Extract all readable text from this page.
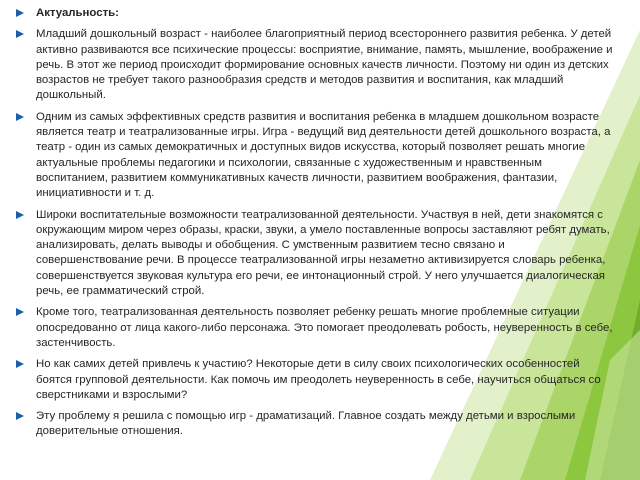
Актуальность:
Младший дошкольный возраст - наиболее благоприятный период всестороннего развития ребенка. У детей активно развиваются все психические процессы: восприятие, внимание, память, мышление, воображение и речь. В этот же период происходит формирование основных качеств личности. Поэтому ни один из детских возрастов не требует такого разнообразия средств и методов развития и воспитания, как младший дошкольный.
Одним из самых эффективных средств развития и воспитания ребенка в младшем дошкольном возрасте является театр и театрализованные игры. Игра - ведущий вид деятельности детей дошкольного возраста, а театр - один из самых демократичных и доступных видов искусства, который позволяет решать многие актуальные проблемы педагогики и психологии, связанные с художественным и нравственным воспитанием, развитием коммуникативных качеств личности, развитием воображения, фантазии, инициативности и т. д.
Широки воспитательные возможности театрализованной деятельности. Участвуя в ней, дети знакомятся с окружающим миром через образы, краски, звуки, а умело поставленные вопросы заставляют ребят думать, анализировать, делать выводы и обобщения. С умственным развитием тесно связано и совершенствование речи. В процессе театрализованной игры незаметно активизируется словарь ребенка, совершенствуется звуковая культура его речи, ее интонационный строй. У него улучшается диалогическая речь, ее грамматический строй.
Кроме того, театрализованная деятельность позволяет ребенку решать многие проблемные ситуации опосредованно от лица какого-либо персонажа. Это помогает преодолевать робость, неуверенность в себе, застенчивость.
Но как самих детей привлечь к участию? Некоторые дети в силу своих психологических особенностей боятся групповой деятельности. Как помочь им преодолеть неуверенность в себе, научиться общаться со сверстниками и взрослыми?
Эту проблему я решила с помощью игр - драматизаций. Главное создать между детьми и взрослыми доверительные отношения.
